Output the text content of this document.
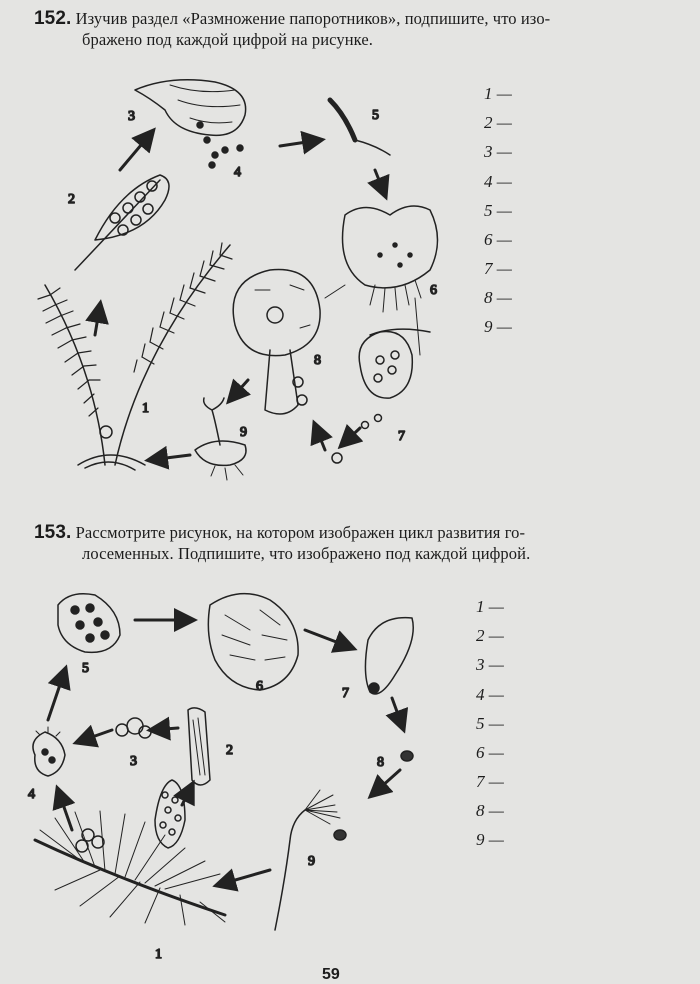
152. Изучив раздел «Размножение папоротников», подпишите, что изо-
бражено под каждой цифрой на рисунке.
1
2
3
4
5
6
7
8
9
1 —
2 —
3 —
4 —
5 —
6 —
7 —
8 —
9 —
153. Рассмотрите рисунок, на котором изображен цикл развития го-
лосеменных. Подпишите, что изображено под каждой цифрой.
1
2
3
4
5
6	7
8
9
1 —
2 —
3 —
4 —
5 —
6 —
7 —
8 —
9 —
59
